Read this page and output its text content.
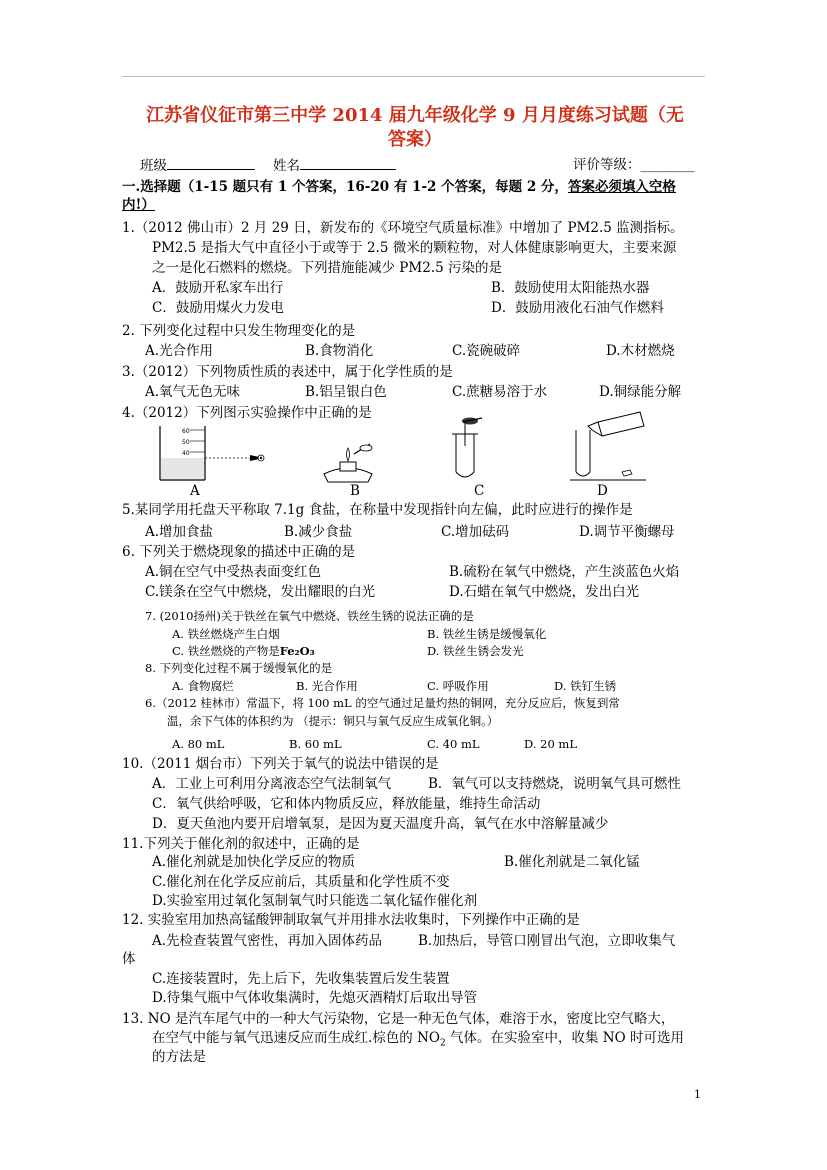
江苏省仪征市第三中学 2014 届九年级化学 9 月月度练习试题（无
答案）
班级	姓名	评价等级：________
一.选择题（1-15 题只有 1 个答案，16-20 有 1-2 个答案，每题 2 分，答案必须填入空格
内!）
1.（2012 佛山市）2 月 29 日，新发布的《环境空气质量标准》中增加了 PM2.5 监测指标。
PM2.5 是指大气中直径小于或等于 2.5 微米的颗粒物，对人体健康影响更大，主要来源
之一是化石燃料的燃烧。下列措施能减少 PM2.5 污染的是
A．鼓励开私家车出行	B．鼓励使用太阳能热水器
C．鼓励用煤火力发电	D．鼓励用液化石油气作燃料
2. 下列变化过程中只发生物理变化的是
A.光合作用	B.食物消化	C.瓷碗破碎	D.木材燃烧
3.（2012）下列物质性质的表述中，属于化学性质的是
A.氧气无色无味	B.铝呈银白色	C.蔗糖易溶于水	D.铜绿能分解
4.（2012）下列图示实验操作中正确的是
60
50
40
A	B	C	D
5.某同学用托盘天平称取 7.1g 食盐，在称量中发现指针向左偏，此时应进行的操作是
A.增加食盐	B.减少食盐	C.增加砝码	D.调节平衡螺母
6. 下列关于燃烧现象的描述中正确的是
A.铜在空气中受热表面变红色	B.硫粉在氧气中燃烧，产生淡蓝色火焰
C.镁条在空气中燃烧，发出耀眼的白光	D.石蜡在氧气中燃烧，发出白光
7. (2010扬州)关于铁丝在氧气中燃烧、铁丝生锈的说法正确的是
A. 铁丝燃烧产生白烟	B. 铁丝生锈是缓慢氧化
C. 铁丝燃烧的产物是Fe₂O₃	D. 铁丝生锈会发光
8. 下列变化过程不属于缓慢氧化的是
A. 食物腐烂	B. 光合作用	C. 呼吸作用	D. 铁钉生锈
6.（2012 桂林市）常温下，将 100 mL 的空气通过足量灼热的铜网，充分反应后，恢复到常
温，余下气体的体积约为 （提示：铜只与氧气反应生成氧化铜。）
A. 80 mL	B. 60 mL	C. 40 mL	D. 20 mL
10.（2011 烟台市）下列关于氧气的说法中错误的是
A．工业上可利用分离液态空气法制氧气	B．氧气可以支持燃烧，说明氧气具可燃性
C．氧气供给呼吸，它和体内物质反应，释放能量，维持生命活动
D．夏天鱼池内要开启增氧泵，是因为夏天温度升高，氧气在水中溶解量减少
11.下列关于催化剂的叙述中，正确的是
A.催化剂就是加快化学反应的物质	B.催化剂就是二氧化锰
C.催化剂在化学反应前后，其质量和化学性质不变
D.实验室用过氧化氢制氧气时只能选二氧化锰作催化剂
12. 实验室用加热高锰酸钾制取氧气并用排水法收集时，下列操作中正确的是
A.先检查装置气密性，再加入固体药品	B.加热后，导管口刚冒出气泡，立即收集气
体
C.连接装置时，先上后下，先收集装置后发生装置
D.待集气瓶中气体收集满时，先熄灭酒精灯后取出导管
13. NO 是汽车尾气中的一种大气污染物，它是一种无色气体，难溶于水，密度比空气略大，
在空气中能与氧气迅速反应而生成红.棕色的 $NO_2$ 气体。在实验室中，收集 NO 时可选用
的方法是
1
